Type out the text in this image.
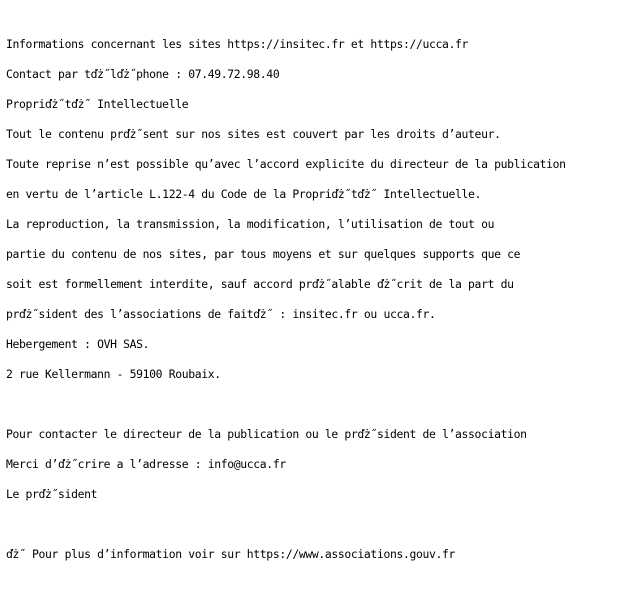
Informations concernant les sites https://insitec.fr et https://ucca.fr
Contact par tďż˝lďż˝phone : 07.49.72.98.40
Propriďż˝tďż˝ Intellectuelle
Tout le contenu prďż˝sent sur nos sites est couvert par les droits d’auteur.
Toute reprise n’est possible qu’avec l’accord explicite du directeur de la publication
en vertu de l’article L.122-4 du Code de la Propriďż˝tďż˝ Intellectuelle.
La reproduction, la transmission, la modification, l’utilisation de tout ou
partie du contenu de nos sites, par tous moyens et sur quelques supports que ce
soit est formellement interdite, sauf accord prďż˝alable ďż˝crit de la part du
prďż˝sident des l’associations de faitďż˝ : insitec.fr ou ucca.fr.
Hebergement : OVH SAS.
2 rue Kellermann - 59100 Roubaix.
Pour contacter le directeur de la publication ou le prďż˝sident de l’association
Merci d’ďż˝crire a l’adresse : info@ucca.fr
Le prďż˝sident
ďż˝ Pour plus d’information voir sur https://www.associations.gouv.fr
